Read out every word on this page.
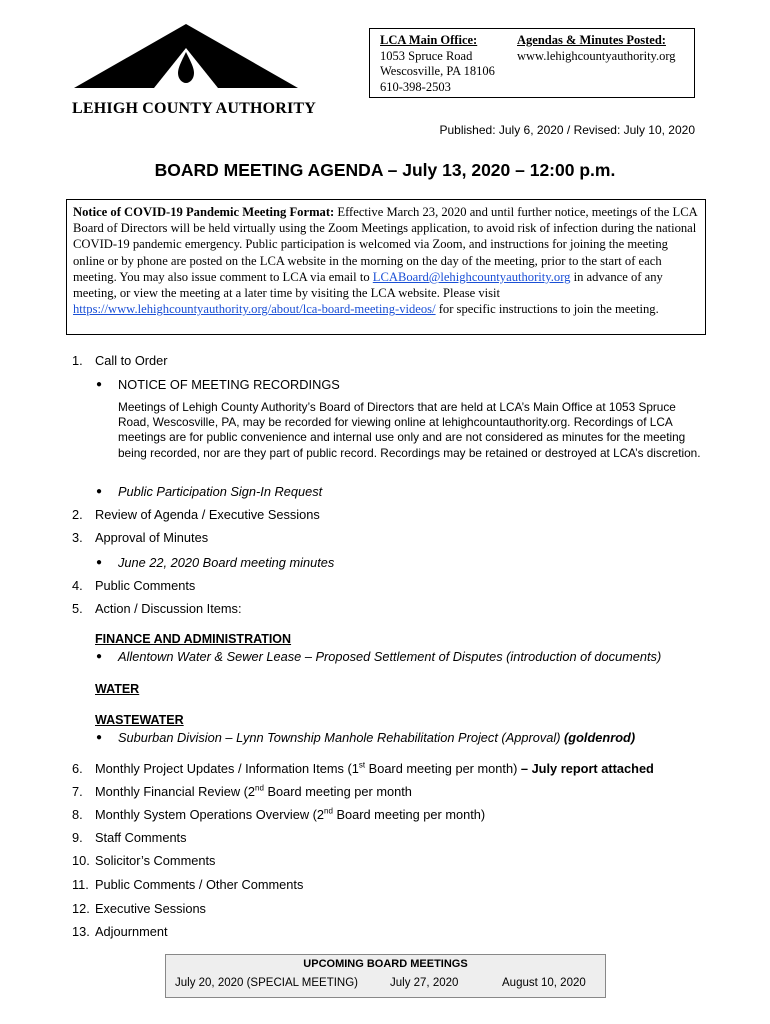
LEHIGH COUNTY AUTHORITY
LCA Main Office:
1053 Spruce Road
Wescosville, PA 18106
610-398-2503
Agendas & Minutes Posted:
www.lehighcountyauthority.org
Published: July 6, 2020 / Revised: July 10, 2020
BOARD MEETING AGENDA – July 13, 2020 – 12:00 p.m.
Notice of COVID-19 Pandemic Meeting Format: Effective March 23, 2020 and until further notice, meetings of the LCA Board of Directors will be held virtually using the Zoom Meetings application, to avoid risk of infection during the national COVID-19 pandemic emergency. Public participation is welcomed via Zoom, and instructions for joining the meeting online or by phone are posted on the LCA website in the morning on the day of the meeting, prior to the start of each meeting. You may also issue comment to LCA via email to LCABoard@lehighcountyauthority.org in advance of any meeting, or view the meeting at a later time by visiting the LCA website. Please visit https://www.lehighcountyauthority.org/about/lca-board-meeting-videos/ for specific instructions to join the meeting.
1. Call to Order
● NOTICE OF MEETING RECORDINGS
Meetings of Lehigh County Authority’s Board of Directors that are held at LCA’s Main Office at 1053 Spruce Road, Wescosville, PA, may be recorded for viewing online at lehighcountauthority.org. Recordings of LCA meetings are for public convenience and internal use only and are not considered as minutes for the meeting being recorded, nor are they part of public record. Recordings may be retained or destroyed at LCA’s discretion.
● Public Participation Sign-In Request
2. Review of Agenda / Executive Sessions
3. Approval of Minutes
● June 22, 2020 Board meeting minutes
4. Public Comments
5. Action / Discussion Items:
FINANCE AND ADMINISTRATION
● Allentown Water & Sewer Lease – Proposed Settlement of Disputes (introduction of documents)
WATER
WASTEWATER
● Suburban Division – Lynn Township Manhole Rehabilitation Project (Approval) (goldenrod)
6. Monthly Project Updates / Information Items (1st Board meeting per month) – July report attached
7. Monthly Financial Review (2nd Board meeting per month
8. Monthly System Operations Overview (2nd Board meeting per month)
9. Staff Comments
10. Solicitor’s Comments
11. Public Comments / Other Comments
12. Executive Sessions
13. Adjournment
UPCOMING BOARD MEETINGS
July 20, 2020 (SPECIAL MEETING)	July 27, 2020	August 10, 2020
